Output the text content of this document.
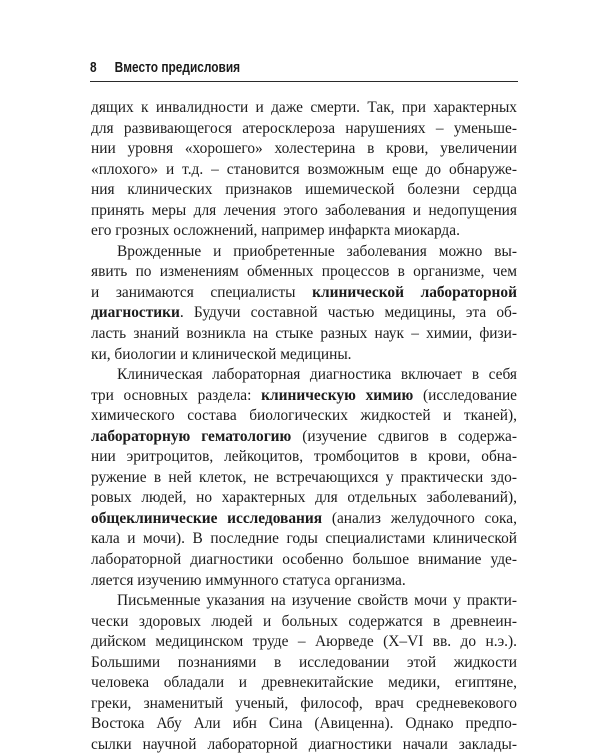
8 Вместо предисловия
дящих к инвалидности и даже смерти. Так, при характерных
для развивающегося атеросклероза нарушениях – уменьше-
нии уровня «хорошего» холестерина в крови, увеличении
«плохого» и т.д. – становится возможным еще до обнаруже-
ния клинических признаков ишемической болезни сердца
принять меры для лечения этого заболевания и недопущения
его грозных осложнений, например инфаркта миокарда.
Врожденные и приобретенные заболевания можно вы-
явить по изменениям обменных процессов в организме, чем
и занимаются специалисты клинической лабораторной
диагностики. Будучи составной частью медицины, эта об-
ласть знаний возникла на стыке разных наук – химии, физи-
ки, биологии и клинической медицины.
Клиническая лабораторная диагностика включает в себя
три основных раздела: клиническую химию (исследование
химического состава биологических жидкостей и тканей),
лабораторную гематологию (изучение сдвигов в содержа-
нии эритроцитов, лейкоцитов, тромбоцитов в крови, обна-
ружение в ней клеток, не встречающихся у практически здо-
ровых людей, но характерных для отдельных заболеваний),
общеклинические исследования (анализ желудочного сока,
кала и мочи). В последние годы специалистами клинической
лабораторной диагностики особенно большое внимание уде-
ляется изучению иммунного статуса организма.
Письменные указания на изучение свойств мочи у практи-
чески здоровых людей и больных содержатся в древнеин-
дийском медицинском труде – Аюрведе (X–VI вв. до н.э.).
Большими познаниями в исследовании этой жидкости
человека обладали и древнекитайские медики, египтяне,
греки, знаменитый ученый, философ, врач средневекового
Востока Абу Али ибн Сина (Авиценна). Однако предпо-
сылки научной лабораторной диагностики начали заклады-
